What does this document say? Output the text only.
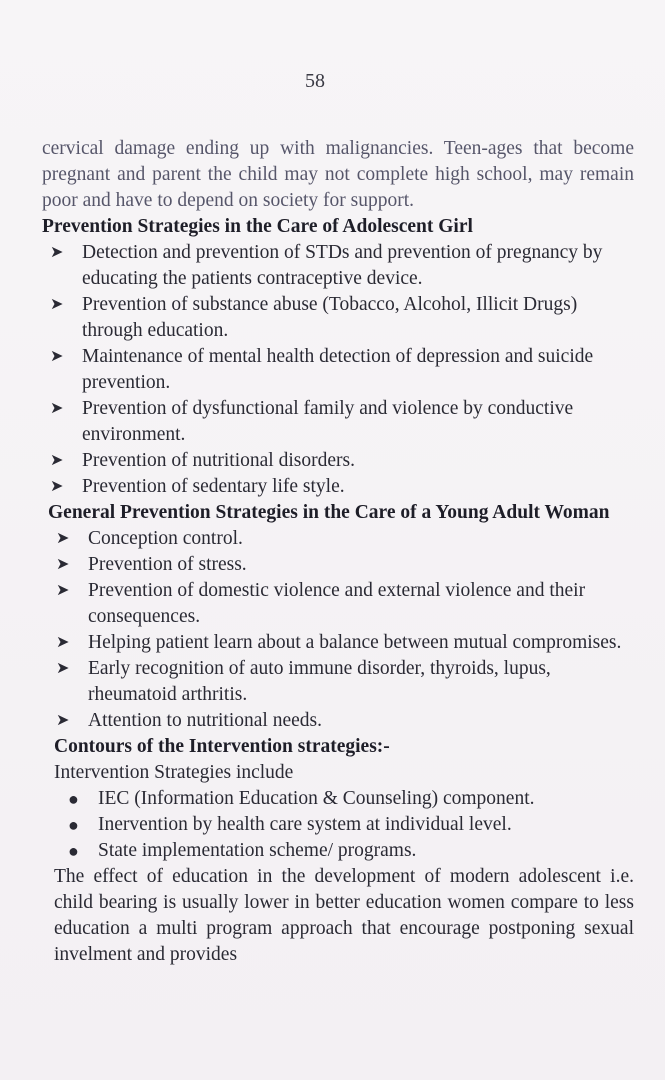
58

cervical damage ending up with malignancies. Teen-ages that become pregnant and parent the child may not complete high school, may remain poor and have to depend on society for support.

Prevention Strategies in the Care of Adolescent Girl

➤ Detection and prevention of STDs and prevention of pregnancy by educating the patients contraceptive device.
➤ Prevention of substance abuse (Tobacco, Alcohol, Illicit Drugs) through education.
➤ Maintenance of mental health detection of depression and suicide prevention.
➤ Prevention of dysfunctional family and violence by conductive environment.
➤ Prevention of nutritional disorders.
➤ Prevention of sedentary life style.

General Prevention Strategies in the Care of a Young Adult Woman

➤ Conception control.
➤ Prevention of stress.
➤ Prevention of domestic violence and external violence and their consequences.
➤ Helping patient learn about a balance between mutual compromises.
➤ Early recognition of auto immune disorder, thyroids, lupus, rheumatoid arthritis.
➤ Attention to nutritional needs.

Contours of the Intervention strategies:-

Intervention Strategies include

● IEC (Information Education & Counseling) component.
● Inervention by health care system at individual level.
● State implementation scheme/ programs.

The effect of education in the development of modern adolescent i.e. child bearing is usually lower in better education women compare to less education a multi program approach that encourage postponing sexual invelment and provides
